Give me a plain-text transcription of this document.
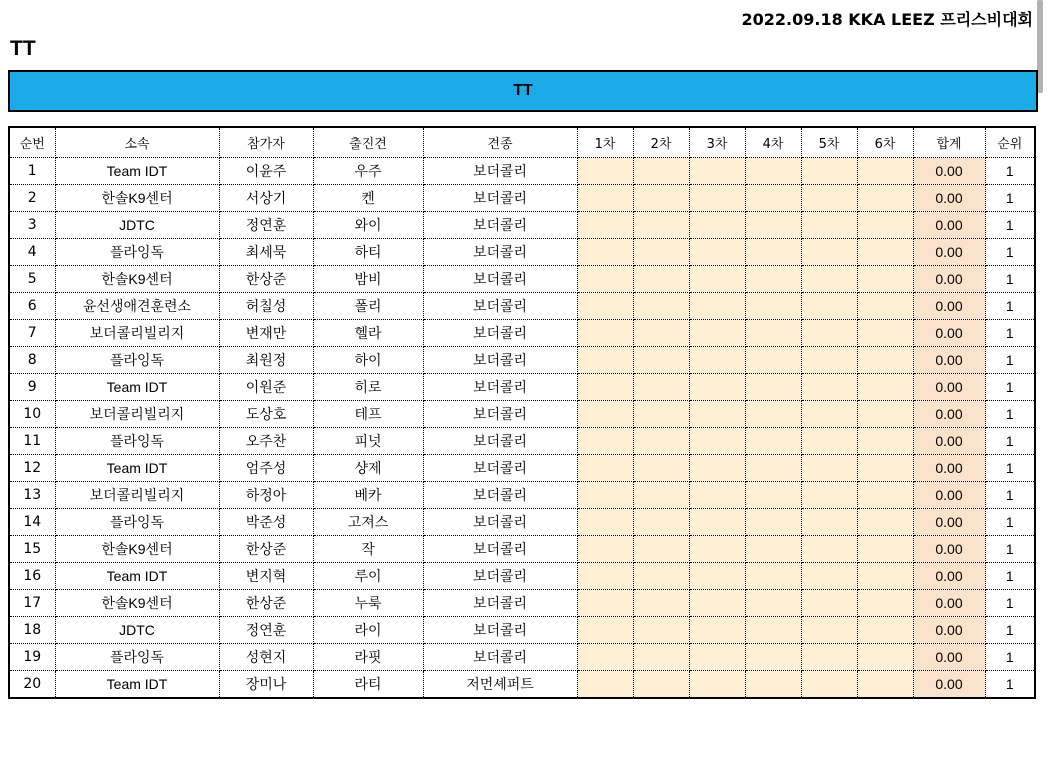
2022.09.18 KKA LEEZ 프리스비대회
TT
TT
순번	소속	참가자	출진견	견종	1차	2차	3차	4차	5차	6차	합계	순위
1	Team IDT	이윤주	우주	보더콜리							0.00	1
2	한솔K9센터	서상기	켄	보더콜리							0.00	1
3	JDTC	정연훈	와이	보더콜리							0.00	1
4	플라잉독	최세묵	하티	보더콜리							0.00	1
5	한솔K9센터	한상준	밤비	보더콜리							0.00	1
6	윤선생애견훈련소	허칠성	폴리	보더콜리							0.00	1
7	보더콜리빌리지	변재만	헬라	보더콜리							0.00	1
8	플라잉독	최원정	하이	보더콜리							0.00	1
9	Team IDT	이원준	히로	보더콜리							0.00	1
10	보더콜리빌리지	도상호	테프	보더콜리							0.00	1
11	플라잉독	오주찬	피넛	보더콜리							0.00	1
12	Team IDT	엄주성	샹제	보더콜리							0.00	1
13	보더콜리빌리지	하정아	베카	보더콜리							0.00	1
14	플라잉독	박준성	고져스	보더콜리							0.00	1
15	한솔K9센터	한상준	작	보더콜리							0.00	1
16	Team IDT	변지혁	루이	보더콜리							0.00	1
17	한솔K9센터	한상준	누룩	보더콜리							0.00	1
18	JDTC	정연훈	라이	보더콜리							0.00	1
19	플라잉독	성현지	라핏	보더콜리							0.00	1
20	Team IDT	장미나	라티	저먼셰퍼트							0.00	1
